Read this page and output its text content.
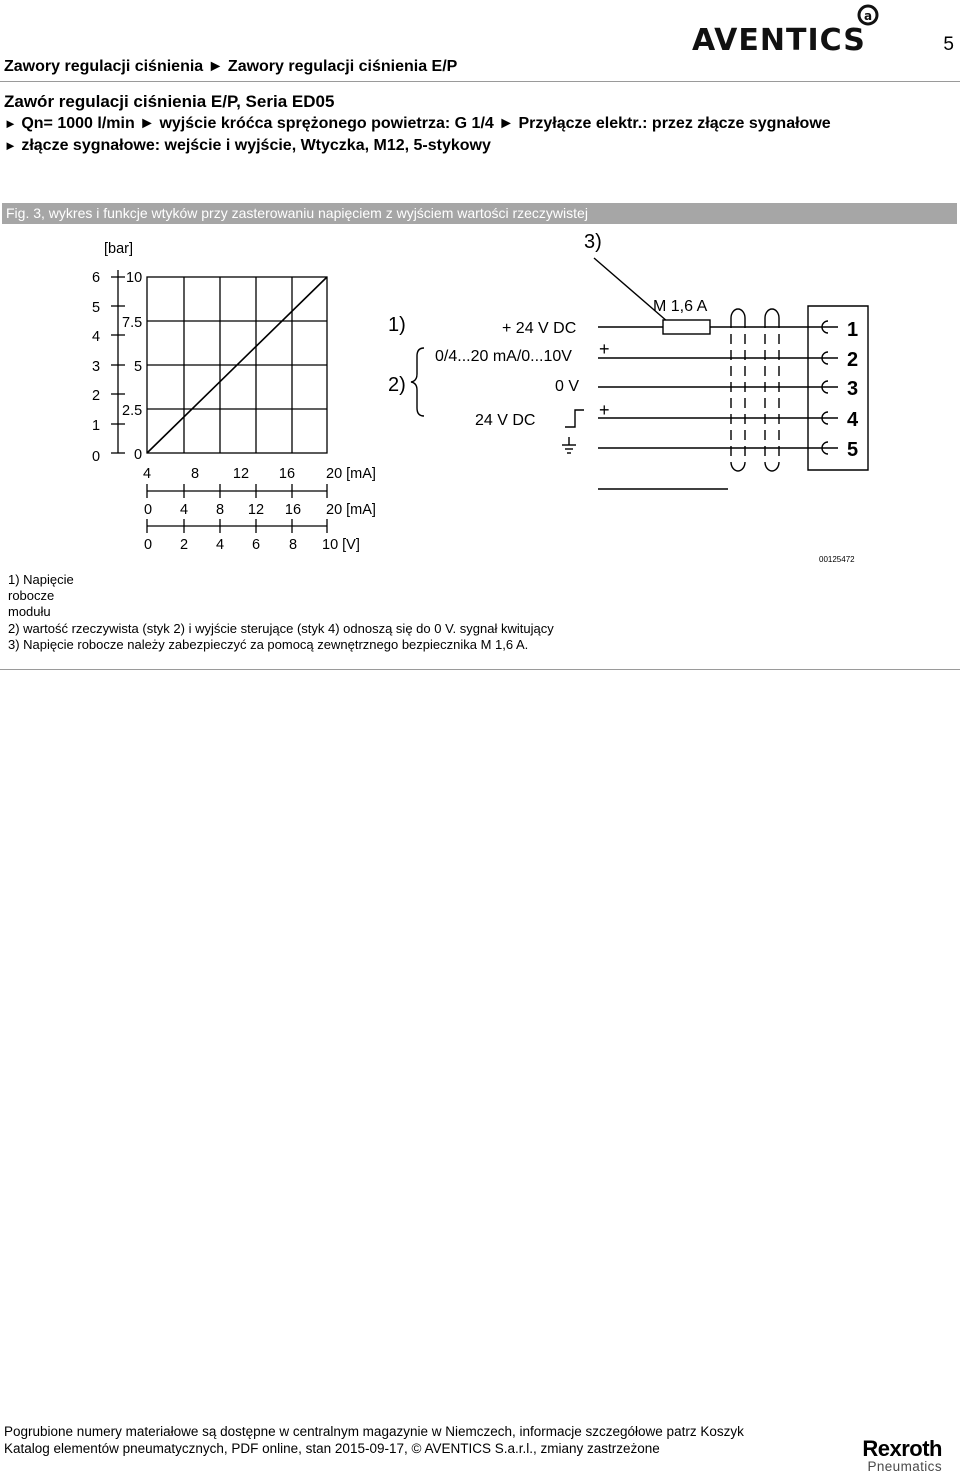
5
AVENTICS
a
Zawory regulacji ciśnienia ► Zawory regulacji ciśnienia E/P
Zawór regulacji ciśnienia E/P, Seria ED05
► Qn= 1000 l/min ► wyjście króćca sprężonego powietrza: G 1/4 ► Przyłącze elektr.: przez złącze sygnałowe
► złącze sygnałowe: wejście i wyjście, Wtyczka, M12, 5-stykowy
Fig. 3, wykres i funkcje wtyków przy zasterowaniu napięciem z wyjściem wartości rzeczywistej
[bar]
6
5
4
3
2
1
0
10
7.5
5
2.5
0
4	8 12 16 20 [mA]
0 4 8 12 16 20 [mA]
0 2 4 6 8 10 [V]
3)
1)
2)
+ 24 V DC
0/4...20 mA/0...10V
0 V
24 V DC
+
+
M 1,6 A
1
2
3
4
5
00125472
1) Napięcie
robocze
modułu
2) wartość rzeczywista (styk 2) i wyjście sterujące (styk 4) odnoszą się do 0 V. sygnał kwitujący
3) Napięcie robocze należy zabezpieczyć za pomocą zewnętrznego bezpiecznika M 1,6 A.
Pogrubione numery materiałowe są dostępne w centralnym magazynie w Niemczech, informacje szczegółowe patrz Koszyk
Katalog elementów pneumatycznych, PDF online, stan 2015-09-17, © AVENTICS S.a.r.l., zmiany zastrzeżone	Rexroth
Pneumatics
